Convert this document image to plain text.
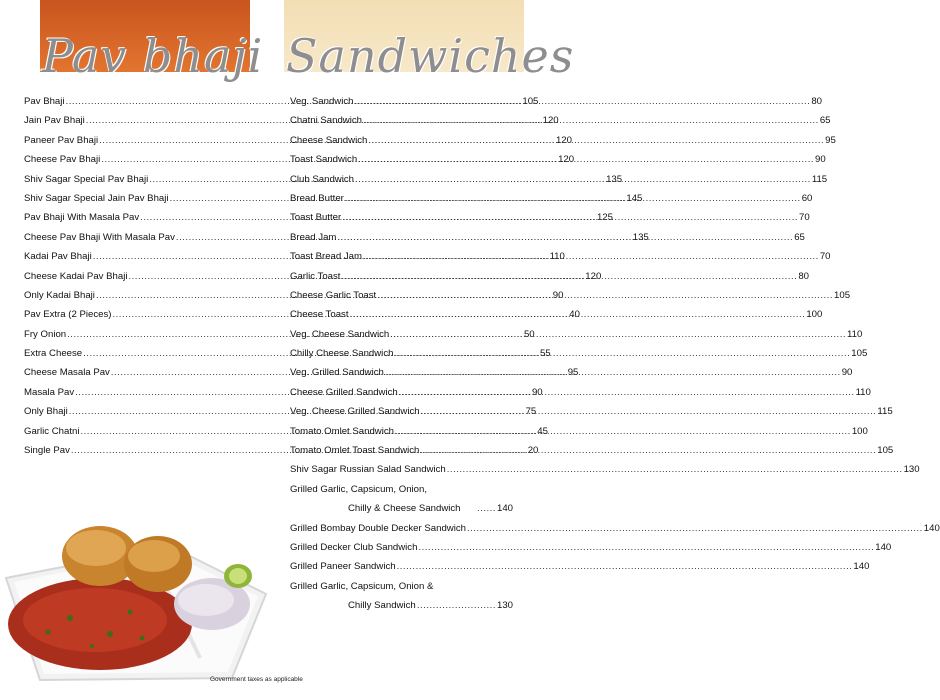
Pav bhaji Sandwiches
Pav Bhaji .....	105
Jain Pav Bhaji .....	120
Paneer Pav Bhaji .....	120
Cheese Pav Bhaji .....	120
Shiv Sagar Special Pav Bhaji .....	135
Shiv Sagar Special Jain Pav Bhaji .....	145
Pav Bhaji With Masala Pav .....	125
Cheese Pav Bhaji With Masala Pav .....	135
Kadai Pav Bhaji .....	110
Cheese Kadai Pav Bhaji .....	120
Only Kadai Bhaji .....	90
Pav Extra (2 Pieces) .....	40
Fry Onion .....	50
Extra Cheese .....	55
Cheese Masala Pav .....	95
Masala Pav .....	90
Only Bhaji .....	75
Garlic Chatni .....	45
Single Pav .....	20
Veg. Sandwich .....	80
Chatni Sandwich .....	65
Cheese Sandwich .....	95
Toast Sandwich .....	90
Club Sandwich .....	115
Bread Butter .....	60
Toast Butter .....	70
Bread Jam .....	65
Toast Bread Jam .....	70
Garlic Toast .....	80
Cheese Garlic Toast .....	105
Cheese Toast .....	100
Veg. Cheese Sandwich .....	110
Chilly Cheese Sandwich .....	105
Veg. Grilled Sandwich .....	90
Cheese Grilled Sandwich .....	110
Veg. Cheese Grilled Sandwich .....	115
Tomato Omlet Sandwich .....	100
Tomato Omlet Toast Sandwich .....	105
Shiv Sagar Russian Salad Sandwich .....	130
Grilled Garlic, Capsicum, Onion,
Chilly & Cheese Sandwich	...... 140
Grilled Bombay Double Decker Sandwich .....	140
Grilled Decker Club Sandwich .....	140
Grilled Paneer Sandwich .....	140
Grilled Garlic, Capsicum, Onion &
Chilly Sandwich ......................... 130

Government taxes as applicable
